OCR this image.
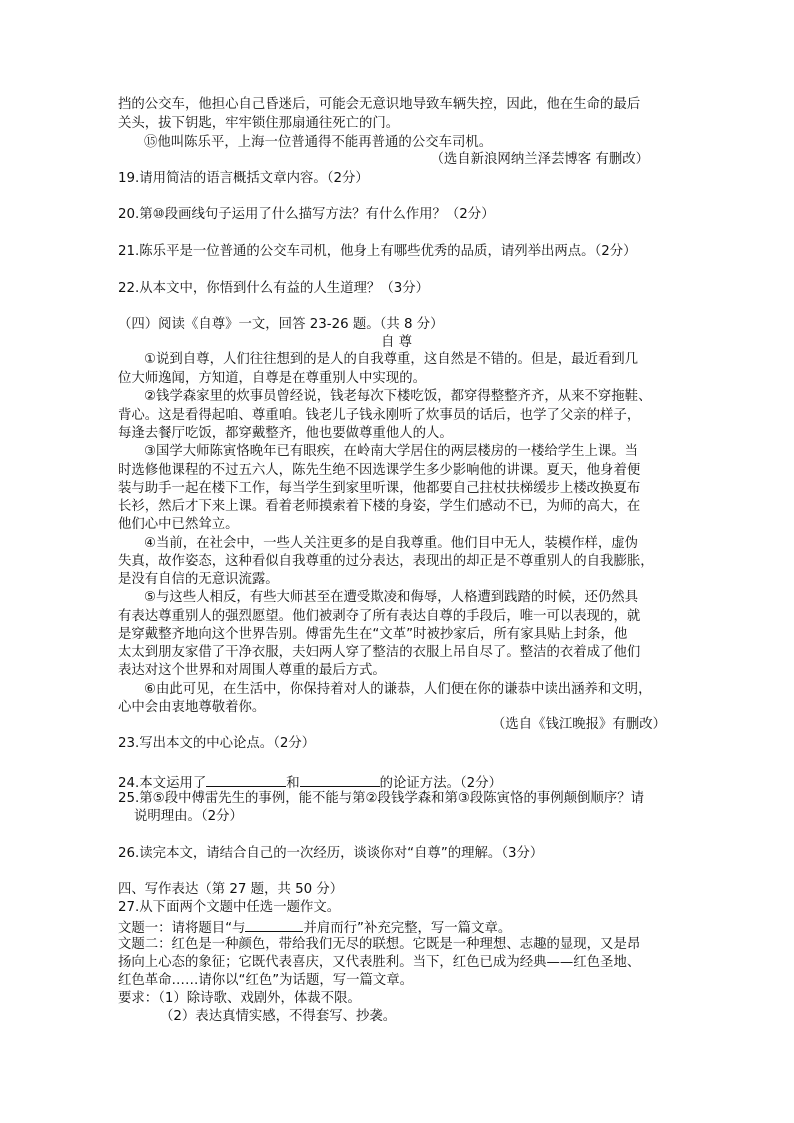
挡的公交车，他担心自己昏迷后，可能会无意识地导致车辆失控，因此，他在生命的最后
关头，拔下钥匙，牢牢锁住那扇通往死亡的门。
⑮他叫陈乐平，上海一位普通得不能再普通的公交车司机。
（选自新浪网纳兰泽芸博客 有删改）
19.请用简洁的语言概括文章内容。（2分）
20.第⑩段画线句子运用了什么描写方法？有什么作用？（2分）
21.陈乐平是一位普通的公交车司机，他身上有哪些优秀的品质，请列举出两点。（2分）
22.从本文中，你悟到什么有益的人生道理？（3分）
（四）阅读《自尊》一文，回答 23-26 题。（共 8 分）
自 尊
①说到自尊，人们往往想到的是人的自我尊重，这自然是不错的。但是，最近看到几
位大师逸闻，方知道，自尊是在尊重别人中实现的。
②钱学森家里的炊事员曾经说，钱老每次下楼吃饭，都穿得整整齐齐，从来不穿拖鞋、
背心。这是看得起咱、尊重咱。钱老儿子钱永刚听了炊事员的话后，也学了父亲的样子，
每逢去餐厅吃饭，都穿戴整齐，他也要做尊重他人的人。
③国学大师陈寅恪晚年已有眼疾，在岭南大学居住的两层楼房的一楼给学生上课。当
时选修他课程的不过五六人，陈先生绝不因选课学生多少影响他的讲课。夏天，他身着便
装与助手一起在楼下工作，每当学生到家里听课，他都要自己拄杖扶梯缓步上楼改换夏布
长衫，然后才下来上课。看着老师摸索着下楼的身姿，学生们感动不已，为师的高大，在
他们心中已然耸立。
④当前，在社会中，一些人关注更多的是自我尊重。他们目中无人，装模作样，虚伪
失真，故作姿态，这种看似自我尊重的过分表达，表现出的却正是不尊重别人的自我膨胀，
是没有自信的无意识流露。
⑤与这些人相反，有些大师甚至在遭受欺凌和侮辱，人格遭到践踏的时候，还仍然具
有表达尊重别人的强烈愿望。他们被剥夺了所有表达自尊的手段后，唯一可以表现的，就
是穿戴整齐地向这个世界告别。傅雷先生在“文革”时被抄家后，所有家具贴上封条，他
太太到朋友家借了干净衣服，夫妇两人穿了整洁的衣服上吊自尽了。整洁的衣着成了他们
表达对这个世界和对周围人尊重的最后方式。
⑥由此可见，在生活中，你保持着对人的谦恭，人们便在你的谦恭中读出涵养和文明，
心中会由衷地尊敬着你。
（选自《钱江晚报》有删改）
23.写出本文的中心论点。（2分）
24.本文运用了	和	的论证方法。（2分）
25.第⑤段中傅雷先生的事例，能不能与第②段钱学森和第③段陈寅恪的事例颠倒顺序？请
说明理由。（2分）
26.读完本文，请结合自己的一次经历，谈谈你对“自尊”的理解。（3分）
四、写作表达（第 27 题，共 50 分）
27.从下面两个文题中任选一题作文。
文题一：请将题目“与	并肩而行”补充完整，写一篇文章。
文题二：红色是一种颜色，带给我们无尽的联想。它既是一种理想、志趣的显现，又是昂
扬向上心态的象征；它既代表喜庆，又代表胜利。当下，红色已成为经典——红色圣地、
红色革命……请你以“红色”为话题，写一篇文章。
要求：（1）除诗歌、戏剧外，体裁不限。
（2）表达真情实感，不得套写、抄袭。
